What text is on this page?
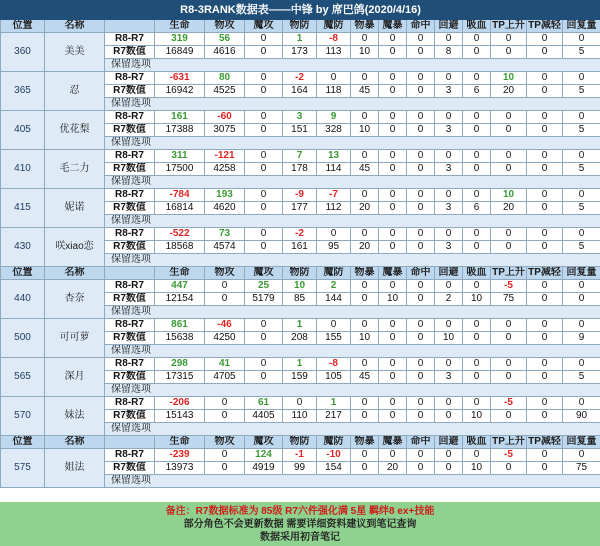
R8-3RANK数据表——中锋 by 席巴鸽(2020/4/16)															
位置	名称		生命	物攻	魔攻	物防	魔防	物暴	魔暴	命中	回避	吸血	TP上升	TP减轻	回复量
360	美美	R8-R7	319	56	0	1	-8	0	0	0	0	0	0	0	0
		R7数值	16849	4616	0	173	113	10	0	0	8	0	0	0	5
		保留选项													
365	忍	R8-R7	-631	80	0	-2	0	0	0	0	0	0	10	0	0
		R7数值	16942	4525	0	164	118	45	0	0	3	6	20	0	5
		保留选项													
405	优花梨	R8-R7	161	-60	0	3	9	0	0	0	0	0	0	0	0
		R7数值	17388	3075	0	151	328	10	0	0	3	0	0	0	5
		保留选项													
410	毛二力	R8-R7	311	-121	0	7	13	0	0	0	0	0	0	0	0
		R7数值	17500	4258	0	178	114	45	0	0	3	0	0	0	5
		保留选项													
415	妮诺	R8-R7	-784	193	0	-9	-7	0	0	0	0	0	10	0	0
		R7数值	16814	4620	0	177	112	20	0	0	3	6	20	0	5
		保留选项													
430	咲xiao恋	R8-R7	-522	73	0	-2	0	0	0	0	0	0	0	0	0
		R7数值	18568	4574	0	161	95	20	0	0	3	0	0	0	5
		保留选项													
位置	名称		生命	物攻	魔攻	物防	魔防	物暴	魔暴	命中	回避	吸血	TP上升	TP减轻	回复量
440	杏奈	R8-R7	447	0	25	10	2	0	0	0	0	0	-5	0	0
		R7数值	12154	0	5179	85	144	0	10	0	2	10	75	0	0
		保留选项													
500	可可萝	R8-R7	861	-46	0	1	0	0	0	0	0	0	0	0	0
		R7数值	15638	4250	0	208	155	10	0	0	10	0	0	0	9
		保留选项													
565	深月	R8-R7	298	41	0	1	-8	0	0	0	0	0	0	0	0
		R7数值	17315	4705	0	159	105	45	0	0	3	0	0	0	5
		保留选项													
570	妹法	R8-R7	-206	0	61	0	1	0	0	0	0	0	-5	0	0
		R7数值	15143	0	4405	110	217	0	0	0	0	10	0	0	90
		保留选项													
位置	名称		生命	物攻	魔攻	物防	魔防	物暴	魔暴	命中	回避	吸血	TP上升	TP减轻	回复量
575	姐法	R8-R7	-239	0	124	-1	-10	0	0	0	0	0	-5	0	0
		R7数值	13973	0	4919	99	154	0	20	0	0	10	0	0	75
		保留选项													
备注：R7数据标准为 85级 R7六件强化满 5星 羁绊8 ex+技能
部分角色不会更新数据 需要详细资料建议到笔记查询
数据采用初音笔记
